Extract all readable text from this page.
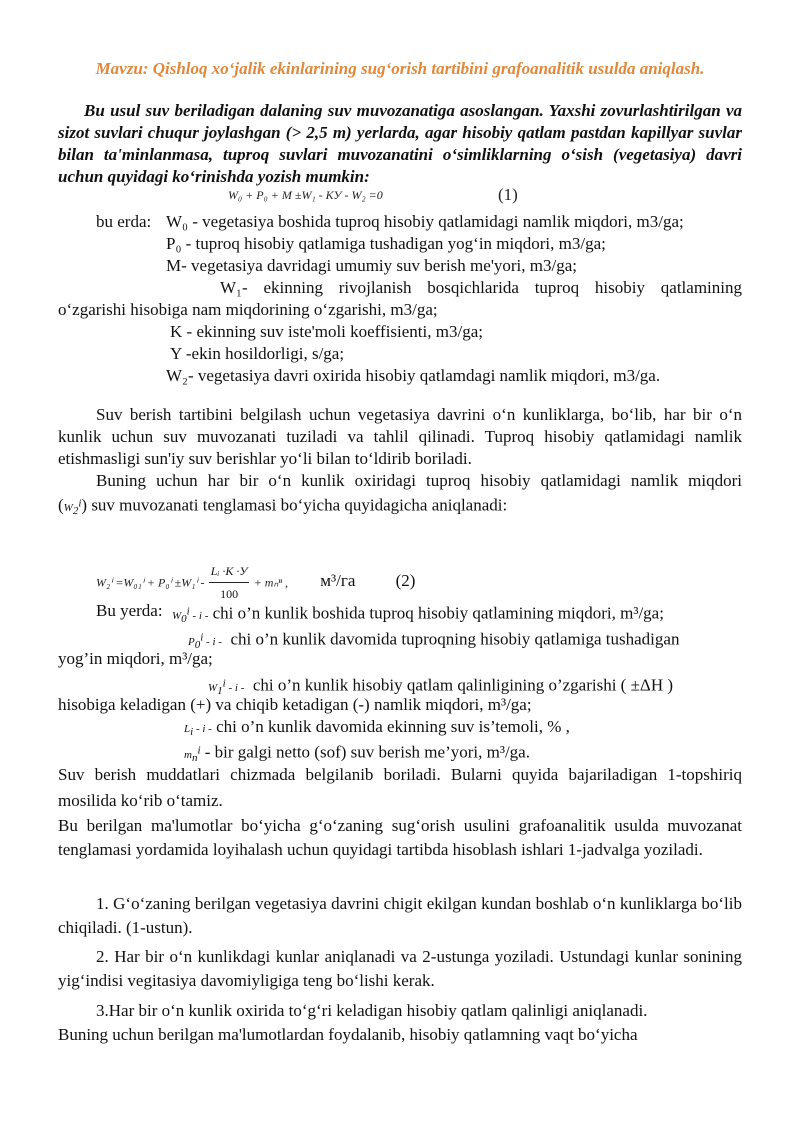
Mavzu: Qishloq xo‘jalik ekinlarining sug‘orish tartibini grafoanalitik usulda aniqlash.
Bu usul suv beriladigan dalaning suv muvozanatiga asoslangan. Yaxshi zovurlashtirilgan va sizot suvlari chuqur joylashgan (> 2,5 m) yerlarda, agar hisobiy qatlam pastdan kapillyar suvlar bilan ta'minlanmasa, tuproq suvlari muvozanatini o‘simliklarning o‘sish (vegetasiya) davri uchun quyidagi ko‘rinishda yozish mumkin:
W₀ + P₀ + M ±W₁ - КУ - W₂ =0	(1)
bu erda: W₀ - vegetasiya boshida tuproq hisobiy qatlamidagi namlik miqdori, m3/ga;
P₀ - tuproq hisobiy qatlamiga tushadigan yog‘in miqdori, m3/ga;
M- vegetasiya davridagi umumiy suv berish me'yori, m3/ga;
W₁- ekinning rivojlanish bosqichlarida tuproq hisobiy qatlamining
o‘zgarishi hisobiga nam miqdorining o‘zgarishi, m3/ga;
K - ekinning suv iste'moli koeffisienti, m3/ga;
Y -ekin hosildorligi, s/ga;
W₂- vegetasiya davri oxirida hisobiy qatlamdagi namlik miqdori, m3/ga.
Suv berish tartibini belgilash uchun vegetasiya davrini o‘n kunliklarga, bo‘lib, har bir o‘n kunlik uchun suv muvozanati tuziladi va tahlil qilinadi. Tuproq hisobiy qatlamidagi namlik etishmasligi sun'iy suv berishlar yo‘li bilan to‘ldirib boriladi.
Buning uchun har bir o‘n kunlik oxiridagi tuproq hisobiy qatlamidagi namlik miqdori
$(W_2^i)$ suv muvozanati tenglamasi bo‘yicha quyidagicha aniqlanadi:
$W_2^i =W_{01}^i + P_0^i \pm W_1^i - \frac{\text{Lᵢ ·K ·У}}{100} + m_n^n$ , м³/га (2)
Bu yerda: $W_0^i$ - i - chi o’n kunlik boshida tuproq hisobiy qatlamining miqdori, m³/ga;
$P_0^i$ - i - chi o’n kunlik davomida tuproqning hisobiy qatlamiga tushadigan
yog’in miqdori, m³/ga;
$W_1^i$ - i - chi o’n kunlik hisobiy qatlam qalinligining o’zgarishi ( ±ΔH )
hisobiga keladigan (+) va chiqib ketadigan (-) namlik miqdori, m³/ga;
$L_i$ - i - chi o’n kunlik davomida ekinning suv is’temoli, % ,
$m_n^i$ - bir galgi netto (sof) suv berish me’yori, m³/ga.
Suv berish muddatlari chizmada belgilanib boriladi. Bularni quyida bajariladigan 1-topshiriq mosilida ko‘rib o‘tamiz.
Bu berilgan ma'lumotlar bo‘yicha g‘o‘zaning sug‘orish usulini grafoanalitik usulda muvozanat tenglamasi yordamida loyihalash uchun quyidagi tartibda hisoblash ishlari 1-jadvalga yoziladi.
1. G‘o‘zaning berilgan vegetasiya davrini chigit ekilgan kundan boshlab o‘n kunliklarga bo‘lib chiqiladi. (1-ustun).
2. Har bir o‘n kunlikdagi kunlar aniqlanadi va 2-ustunga yoziladi. Ustundagi kunlar sonining yig‘indisi vegitasiya davomiyligiga teng bo‘lishi kerak.
3.Har bir o‘n kunlik oxirida to‘g‘ri keladigan hisobiy qatlam qalinligi aniqlanadi.
Buning uchun berilgan ma'lumotlardan foydalanib, hisobiy qatlamning vaqt bo‘yicha
